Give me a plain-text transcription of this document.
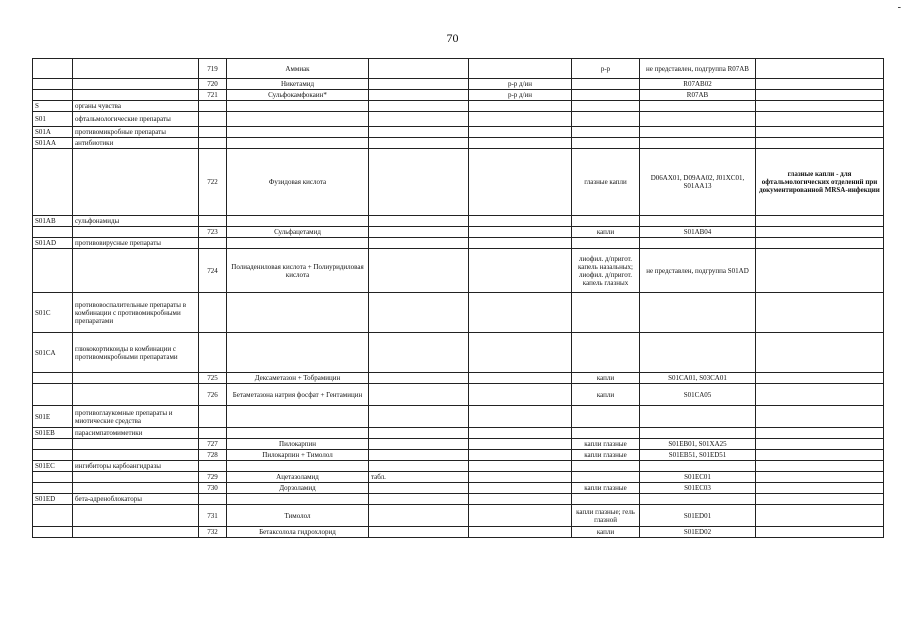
-
70
		719	Аммиак			р-р	не представлен, подгруппа R07AB	
		720	Никетамид		р-р д/ин		R07AB02	
		721	Сульфокамфокаин*		р-р д/ин		R07AB	
S	органы чувства							
S01	офтальмологические препараты							
S01A	противомикробные препараты							
S01AA	антибиотики							
		722	Фузидовая кислота			глазные капли	D06AX01, D09AA02, J01XC01, S01AA13	глазные капли - для офтальмологических отделений при документированной MRSA-инфекции
S01AB	сульфонамиды							
		723	Сульфацетамид			капли	S01AB04	
S01AD	противовирусные препараты							
		724	Полиадениловая кислота + Полиуридиловая кислота			лиофил. д/пригот. капель назальных; лиофил. д/пригот. капель глазных	не представлен, подгруппа S01AD	
S01C	противовоспалительные препараты в комбинации с противомикробными препаратами							
S01CA	глюкокортикоиды в комбинации с противомикробными препаратами							
		725	Дексаметазон + Тобрамицин			капли	S01CA01, S03CA01	
		726	Бетаметазона натрия фосфат + Гентамицин			капли	S01CA05	
S01E	противоглаукомные препараты и миотические средства							
S01EB	парасимпатомиметики							
		727	Пилокарпин			капли глазные	S01EB01, S01XA25	
		728	Пилокарпин + Тимолол			капли глазные	S01EB51, S01ED51	
S01EC	ингибиторы карбоангидразы							
		729	Ацетазоламид	табл.			S01EC01	
		730	Дорзоламид			капли глазные	S01EC03	
S01ED	бета-адреноблокаторы							
		731	Тимолол			капли глазные; гель глазной	S01ED01	
		732	Бетаксолола гидрохлорид			капли	S01ED02	
